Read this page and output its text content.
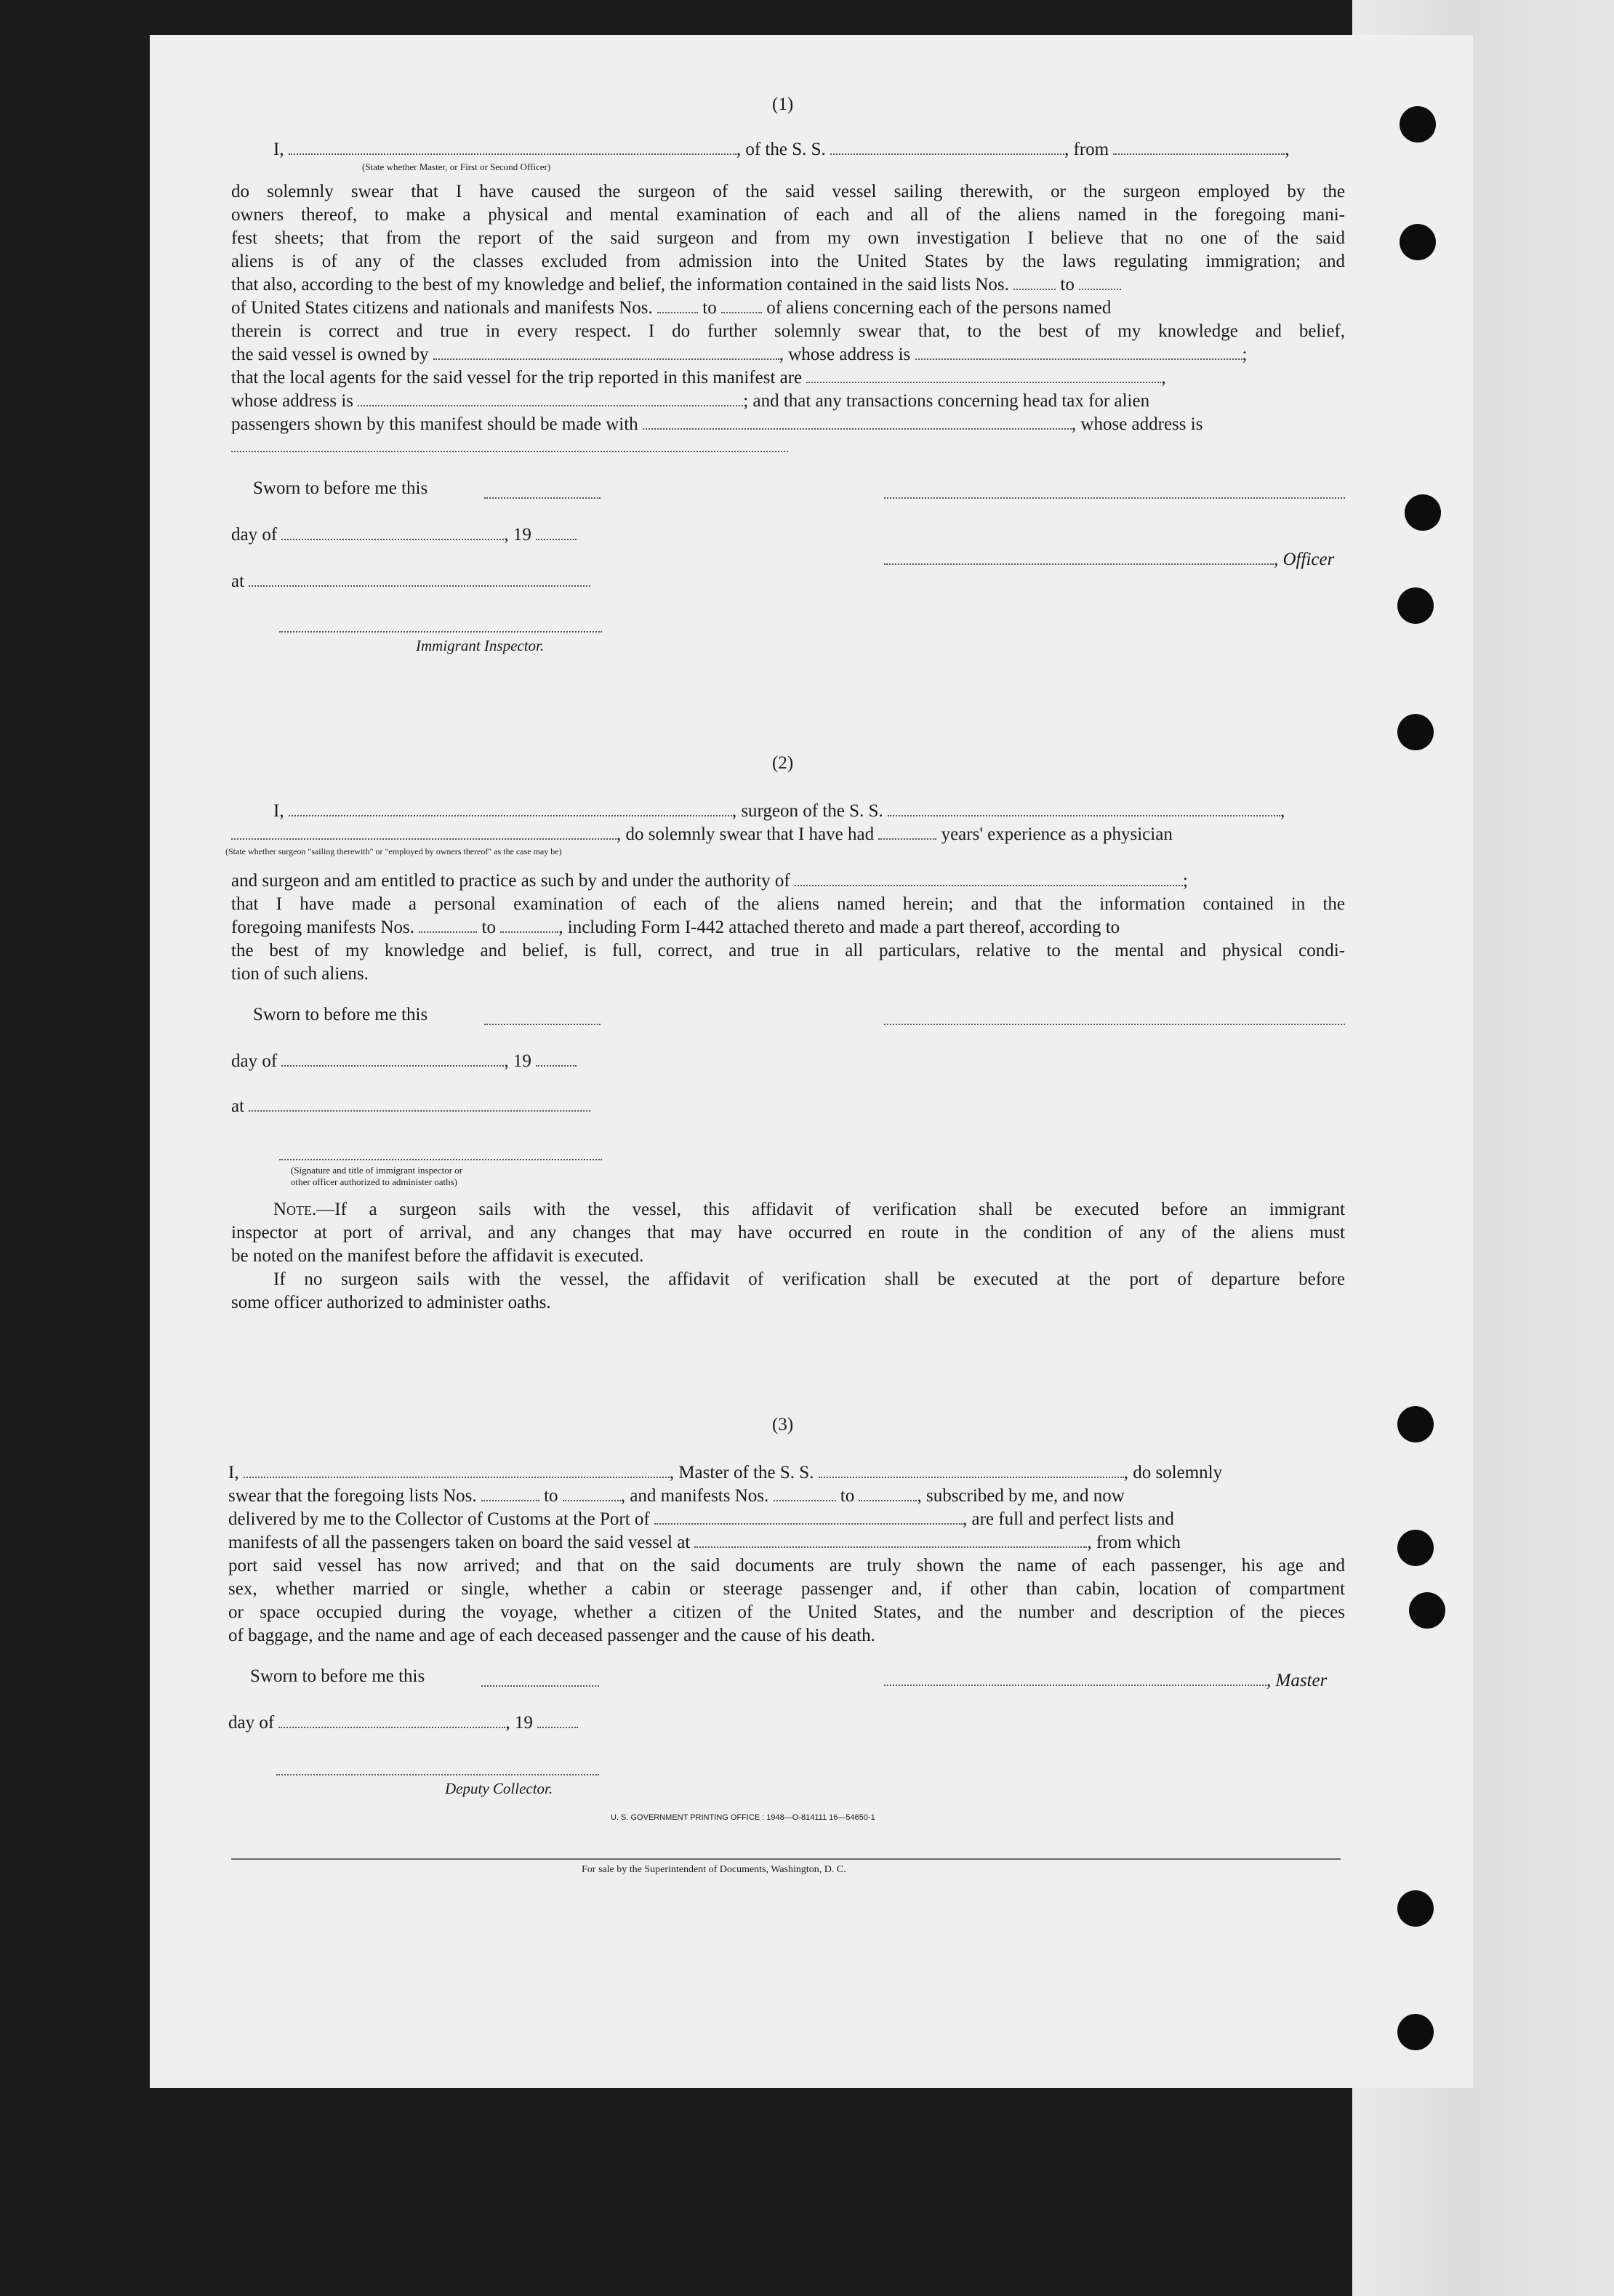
(1)
I,	, of the S. S.	, from	,
(State whether Master, or First or Second Officer)
do solemnly swear that I have caused the surgeon of the said vessel sailing therewith, or the surgeon employed by the
owners thereof, to make a physical and mental examination of each and all of the aliens named in the foregoing mani-
fest sheets; that from the report of the said surgeon and from my own investigation I believe that no one of the said
aliens is of any of the classes excluded from admission into the United States by the laws regulating immigration; and
that also, according to the best of my knowledge and belief, the information contained in the said lists Nos.	to
of United States citizens and nationals and manifests Nos.	to	of aliens concerning each of the persons named
therein is correct and true in every respect. I do further solemnly swear that, to the best of my knowledge and belief,
the said vessel is owned by	, whose address is	;
that the local agents for the said vessel for the trip reported in this manifest are	,
whose address is	; and that any transactions concerning head tax for alien
passengers shown by this manifest should be made with	, whose address is
Sworn to before me this
day of	, 19
, Officer
at
Immigrant Inspector.
(2)
I,	, surgeon of the S. S.	,
, do solemnly swear that I have had	years' experience as a physician
(State whether surgeon "sailing therewith" or "employed by owners thereof" as the case may be)
and surgeon and am entitled to practice as such by and under the authority of	;
that I have made a personal examination of each of the aliens named herein; and that the information contained in the
foregoing manifests Nos.	to	, including Form I-442 attached thereto and made a part thereof, according to
the best of my knowledge and belief, is full, correct, and true in all particulars, relative to the mental and physical condi-
tion of such aliens.
Sworn to before me this
day of	, 19
at
(Signature and title of immigrant inspector or
other officer authorized to administer oaths)
Note.—If a surgeon sails with the vessel, this affidavit of verification shall be executed before an immigrant
inspector at port of arrival, and any changes that may have occurred en route in the condition of any of the aliens must
be noted on the manifest before the affidavit is executed.
If no surgeon sails with the vessel, the affidavit of verification shall be executed at the port of departure before
some officer authorized to administer oaths.
(3)
I,	, Master of the S. S.	, do solemnly
swear that the foregoing lists Nos.	to	, and manifests Nos.	to	, subscribed by me, and now
delivered by me to the Collector of Customs at the Port of	, are full and perfect lists and
manifests of all the passengers taken on board the said vessel at	, from which
port said vessel has now arrived; and that on the said documents are truly shown the name of each passenger, his age and
sex, whether married or single, whether a cabin or steerage passenger and, if other than cabin, location of compartment
or space occupied during the voyage, whether a citizen of the United States, and the number and description of the pieces
of baggage, and the name and age of each deceased passenger and the cause of his death.
Sworn to before me this	, Master
day of	, 19
Deputy Collector.
U. S. GOVERNMENT PRINTING OFFICE : 1948—O-814111 16—54650-1
For sale by the Superintendent of Documents, Washington, D. C.
